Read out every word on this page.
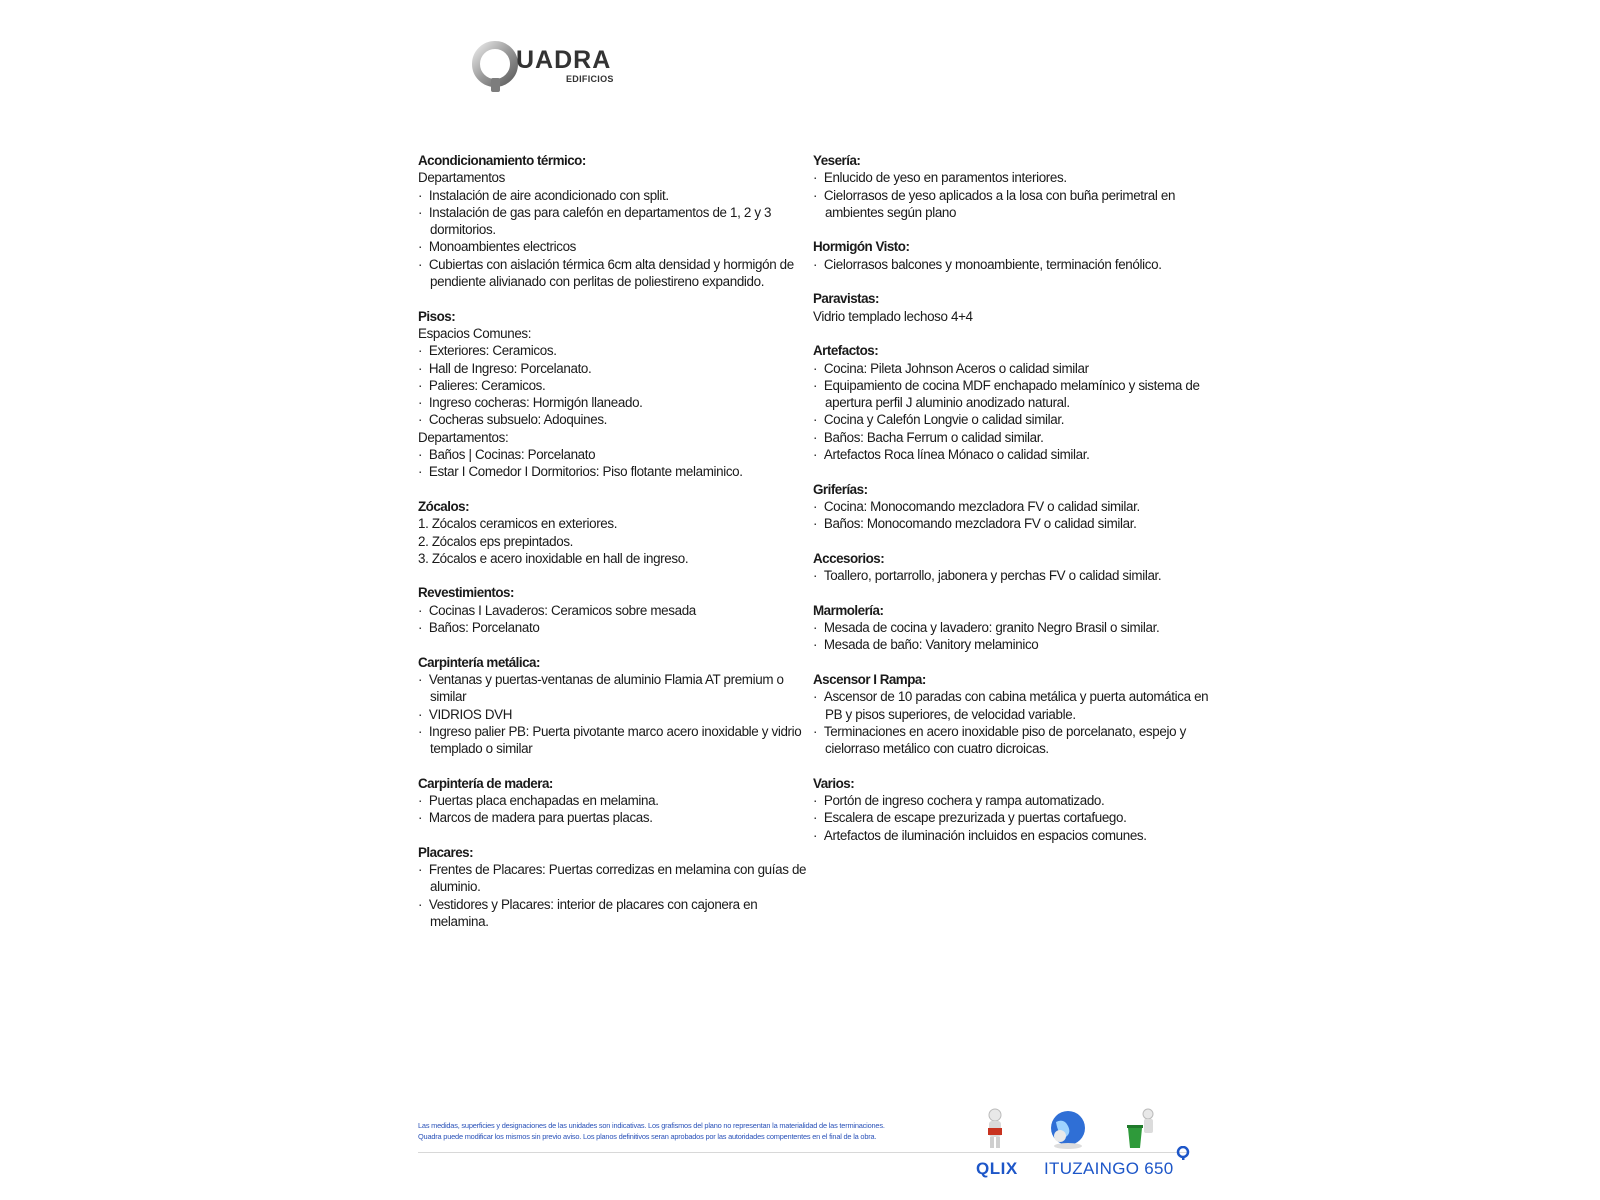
UADRA
EDIFICIOS
Acondicionamiento térmico:
Departamentos
·  Instalación de aire acondicionado con split.
·  Instalación de gas para calefón en departamentos de 1, 2 y 3 dormitorios.
·  Monoambientes electricos
·  Cubiertas con aislación térmica 6cm alta densidad y hormigón de pendiente alivianado con perlitas de poliestireno expandido.
Pisos:
Espacios Comunes:
·  Exteriores: Ceramicos.
·  Hall de Ingreso: Porcelanato.
·  Palieres: Ceramicos.
·  Ingreso cocheras: Hormigón llaneado.
·  Cocheras subsuelo: Adoquines.
Departamentos:
·  Baños | Cocinas: Porcelanato
·  Estar I Comedor I Dormitorios: Piso flotante melaminico.
Zócalos:
1. Zócalos ceramicos en exteriores.
2. Zócalos eps prepintados.
3. Zócalos e acero inoxidable en hall de ingreso.
Revestimientos:
·  Cocinas I Lavaderos: Ceramicos sobre mesada
·  Baños: Porcelanato
Carpintería metálica:
·  Ventanas y puertas-ventanas de aluminio Flamia AT premium o similar
·  VIDRIOS DVH
·  Ingreso palier PB: Puerta pivotante marco acero inoxidable y vidrio templado o similar
Carpintería de madera:
·  Puertas placa enchapadas en melamina.
·  Marcos de madera para puertas placas.
Placares:
·  Frentes de Placares: Puertas corredizas en melamina con guías de aluminio.
·  Vestidores y Placares: interior de placares con cajonera en melamina.
Yesería:
·  Enlucido de yeso en paramentos interiores.
·  Cielorrasos de yeso aplicados a la losa con buña perimetral en ambientes según plano
Hormigón Visto:
·  Cielorrasos balcones y monoambiente, terminación fenólico.
Paravistas:
Vidrio templado lechoso 4+4
Artefactos:
·  Cocina: Pileta Johnson Aceros o calidad similar
·  Equipamiento de cocina MDF enchapado melamínico y sistema de apertura perfil J aluminio anodizado natural.
·  Cocina y Calefón Longvie o calidad similar.
·  Baños: Bacha Ferrum o calidad similar.
·  Artefactos Roca línea Mónaco o calidad similar.
Griferías:
·  Cocina: Monocomando mezcladora FV o calidad similar.
·  Baños: Monocomando mezcladora FV o calidad similar.
Accesorios:
·  Toallero, portarrollo, jabonera y perchas FV o calidad similar.
Marmolería:
·  Mesada de cocina y lavadero: granito Negro Brasil o similar.
·  Mesada de baño: Vanitory melaminico
Ascensor I Rampa:
·  Ascensor de 10 paradas con cabina metálica y puerta automática en PB y pisos superiores, de velocidad variable.
·  Terminaciones en acero inoxidable piso de porcelanato, espejo y cielorraso metálico con cuatro dicroicas.
Varios:
·  Portón de ingreso cochera y rampa automatizado.
·  Escalera de escape prezurizada y puertas cortafuego.
·  Artefactos de iluminación incluidos en espacios comunes.
Las medidas, superficies y designaciones de las unidades son indicativas. Los grafismos del plano no representan la materialidad de las terminaciones.
Quadra puede modificar los mismos sin previo aviso. Los planos definitivos seran aprobados por las autoridades compententes en el final de la obra.
QLIX ITUZAINGO 650
